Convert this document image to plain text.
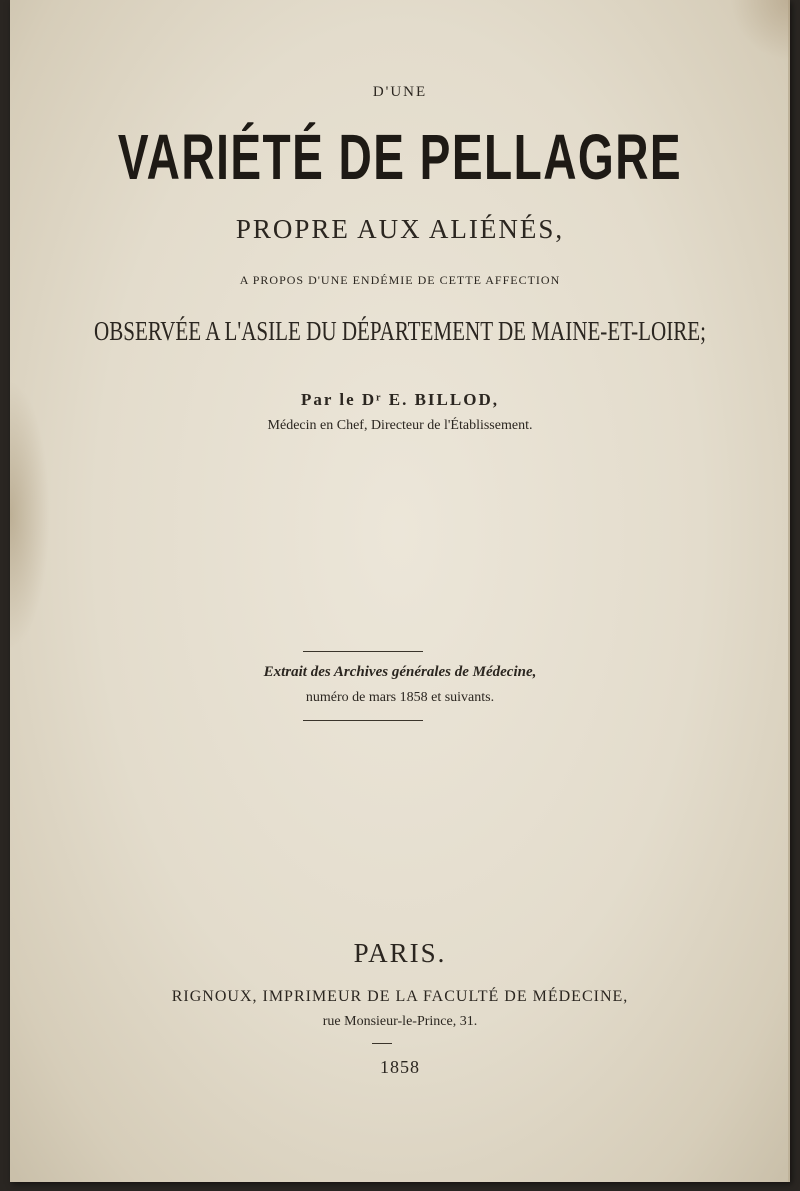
D'UNE
VARIÉTÉ DE PELLAGRE
PROPRE AUX ALIÉNÉS,
A PROPOS D'UNE ENDÉMIE DE CETTE AFFECTION
OBSERVÉE A L'ASILE DU DÉPARTEMENT DE MAINE-ET-LOIRE;
Par le Dʳ E. BILLOD,
Médecin en Chef, Directeur de l'Établissement.
Extrait des Archives générales de Médecine,
numéro de mars 1858 et suivants.
PARIS.
RIGNOUX, IMPRIMEUR DE LA FACULTÉ DE MÉDECINE,
rue Monsieur-le-Prince, 31.
1858
